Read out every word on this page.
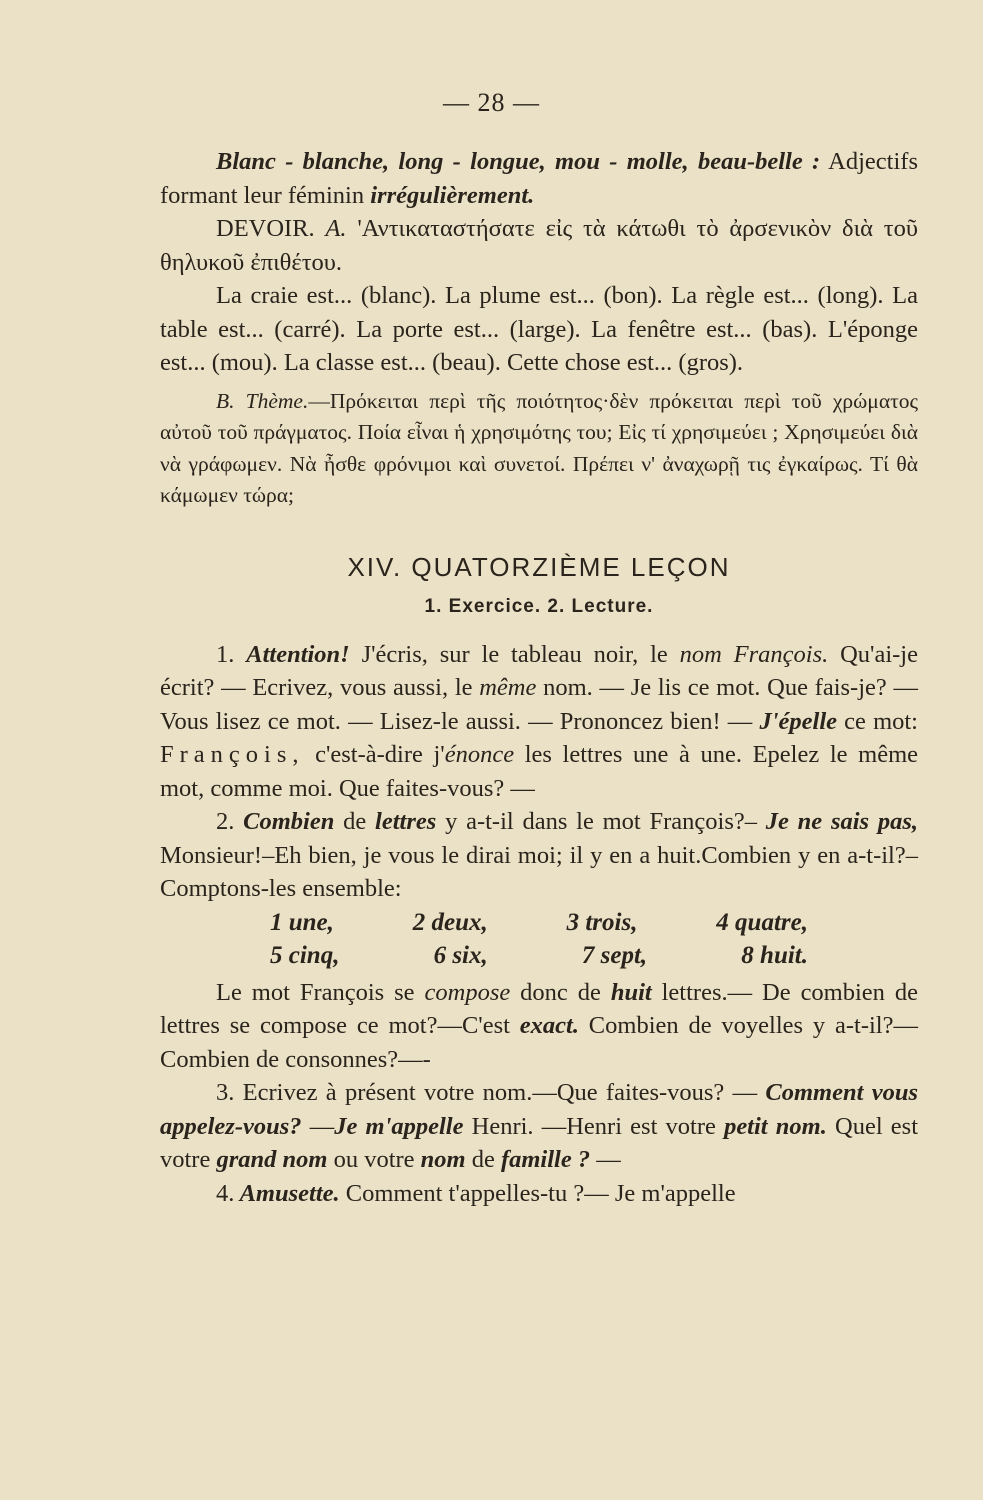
— 28 —

Blanc - blanche, long - longue, mou - molle, beau-belle : Adjectifs formant leur féminin irrégulièrement.

DEVOIR. A. 'Αντικαταστήσατε εἰς τὰ κάτωθι τὸ ἀρσενικὸν διὰ τοῦ θηλυκοῦ ἐπιθέτου.

La craie est... (blanc). La plume est... (bon). La règle est... (long). La table est... (carré). La porte est... (large). La fenêtre est... (bas). L'éponge est... (mou). La classe est... (beau). Cette chose est... (gros).

B. Thème.—Πρόκειται περὶ τῆς ποιότητος·δὲν πρόκειται περὶ τοῦ χρώματος αὐτοῦ τοῦ πράγματος. Ποία εἶναι ἡ χρησιμότης του; Εἰς τί χρησιμεύει ; Χρησιμεύει διὰ νὰ γράφωμεν. Νὰ ἦσθε φρόνιμοι καὶ συνετοί. Πρέπει ν' ἀναχωρῇ τις ἐγκαίρως. Τί θὰ κάμωμεν τώρα;

XIV. QUATORZIÈME LEÇON
1. Exercice. 2. Lecture.

1. Attention! J'écris, sur le tableau noir, le nom François. Qu'ai-je écrit? — Ecrivez, vous aussi, le même nom. — Je lis ce mot. Que fais-je? — Vous lisez ce mot. — Lisez-le aussi. — Prononcez bien! — J'épelle ce mot: François, c'est-à-dire j'énonce les lettres une à une. Epelez le même mot, comme moi. Que faites-vous? —

2. Combien de lettres y a-t-il dans le mot François?– Je ne sais pas, Monsieur!–Eh bien, je vous le dirai moi; il y en a huit.Combien y en a-t-il?–Comptons-les ensemble:

1 une,	2 deux,	3 trois,	4 quatre,
5 cinq,	6 six,	7 sept,	8 huit.

Le mot François se compose donc de huit lettres.— De combien de lettres se compose ce mot?—C'est exact. Combien de voyelles y a-t-il?—Combien de consonnes?—-

3. Ecrivez à présent votre nom.—Que faites-vous? — Comment vous appelez-vous? —Je m'appelle Henri. —Henri est votre petit nom. Quel est votre grand nom ou votre nom de famille ? —

4. Amusette. Comment t'appelles-tu ?— Je m'appelle
